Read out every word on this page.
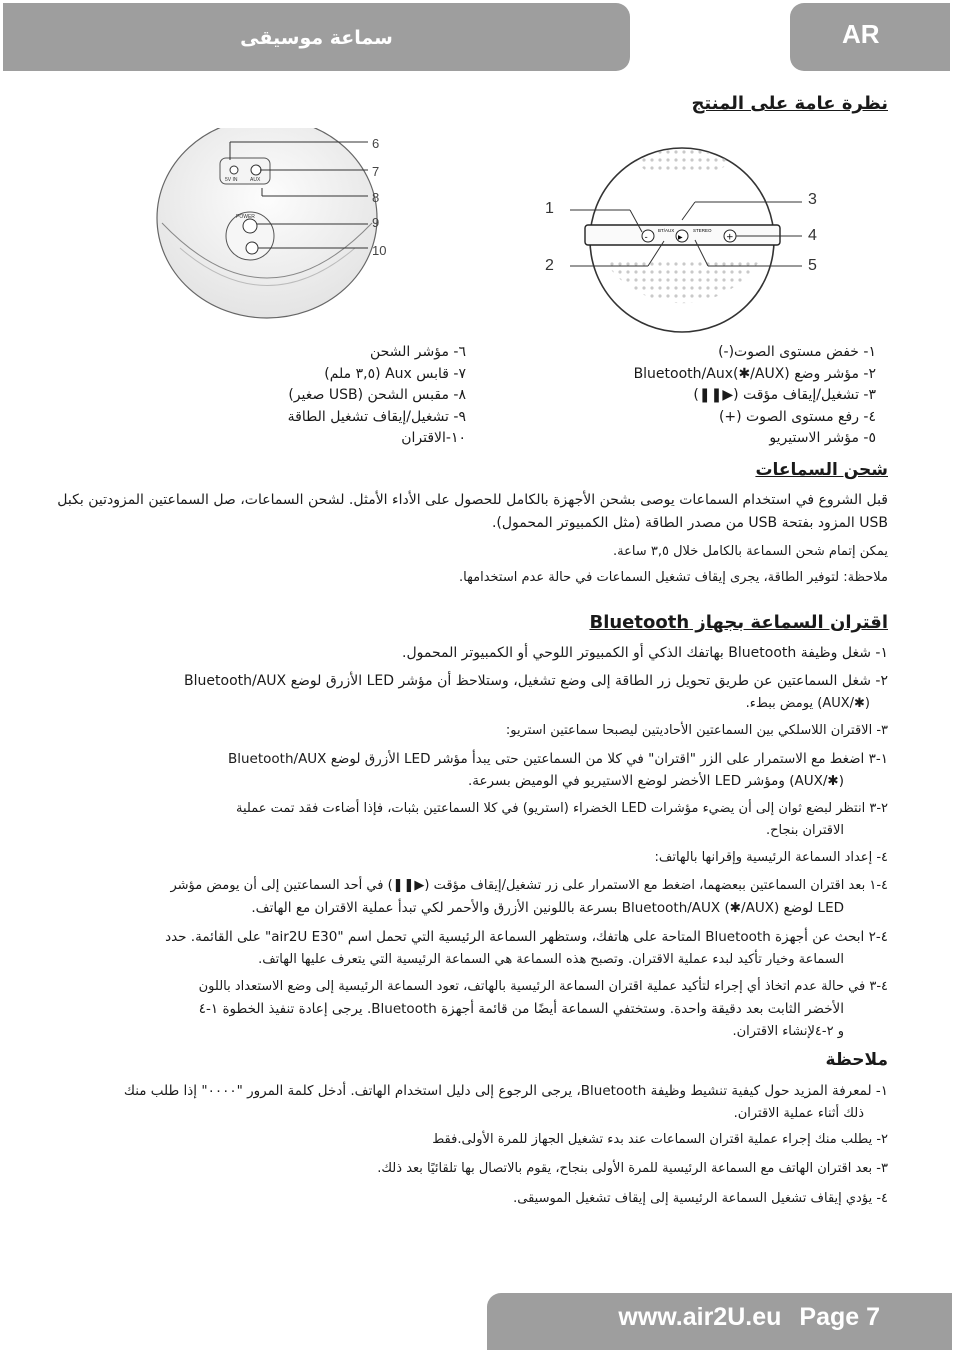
سماعة موسيقى	AR
نظرة عامة على المنتج
5V IN AUX
POWER
6
7
8
9
10
-	▶	+
BT/AUX	STEREO
1
2
3
4
5
٦- مؤشر الشحن
٧- قابس Aux (٣,٥ ملم)
٨- مقبس الشحن (USB صغير)
٩- تشغيل/إيقاف تشغيل الطاقة
١٠-الاقتران
١- خفض مستوى الصوت(-)
٢- مؤشر وضع Bluetooth/Aux(✱/AUX)
٣- تشغيل/إيقاف مؤقت (▶❚❚)
٤- رفع مستوى الصوت (+)
٥- مؤشر الاستيريو
شحن السماعات
قبل الشروع في استخدام السماعات يوصى بشحن الأجهزة بالكامل للحصول على الأداء الأمثل. لشحن السماعات، صل السماعتين المزودتين بكبل
USB المزود بفتحة USB من مصدر الطاقة (مثل الكمبيوتر المحمول).
يمكن إتمام شحن السماعة بالكامل خلال ٣,٥ ساعة.
ملاحظة: لتوفير الطاقة، يجرى إيقاف تشغيل السماعات في حالة عدم استخدامها.
اقتران السماعة بجهاز Bluetooth
١- شغل وظيفة Bluetooth بهاتفك الذكي أو الكمبيوتر اللوحي أو الكمبيوتر المحمول.
٢- شغل السماعتين عن طريق تحويل زر الطاقة إلى وضع تشغيل، وستلاحظ أن مؤشر LED الأزرق لوضع Bluetooth/AUX
(✱/AUX) يومض ببطء.
٣- الاقتران اللاسلكي بين السماعتين الأحاديتين ليصبحا سماعتين استريو:
١-٣ اضغط مع الاستمرار على الزر "اقتران" في كلا من السماعتين حتى يبدأ مؤشر LED الأزرق لوضع Bluetooth/AUX
(✱/AUX) ومؤشر LED الأخضر لوضع الاستيريو في الوميض بسرعة.
٢-٣ انتظر لبضع ثوان إلى أن يضيء مؤشرات LED الخضراء (استريو) في كلا السماعتين بثبات، فإذا أضاءت فقد تمت عملية
الاقتران بنجاح.
٤- إعداد السماعة الرئيسية وإقرانها بالهاتف:
٤-١ بعد اقتران السماعتين ببعضهما، اضغط مع الاستمرار على زر تشغيل/إيقاف مؤقت (▶❚❚) في أحد السماعتين إلى أن يومض مؤشر
LED لوضع Bluetooth/AUX (✱/AUX) بسرعة باللونين الأزرق والأحمر لكي تبدأ عملية الاقتران مع الهاتف.
٤-٢ ابحث عن أجهزة Bluetooth المتاحة على هاتفك، وستظهر السماعة الرئيسية التي تحمل اسم "air2U E30" على القائمة. حدد
السماعة وخيار تأكيد لبدء عملية الاقتران. وتصبح هذه السماعة هي السماعة الرئيسية التي يتعرف عليها الهاتف.
٤-٣ في حالة عدم اتخاذ أي إجراء لتأكيد عملية اقتران السماعة الرئيسية بالهاتف، تعود السماعة الرئيسية إلى وضع الاستعداد باللون
الأخضر الثابت بعد دقيقة واحدة. وستختفي السماعة أيضًا من قائمة أجهزة Bluetooth. يرجى إعادة تنفيذ الخطوة ١-٤
و ٢-٤لإنشاء الاقتران.
ملاحظة
١- لمعرفة المزيد حول كيفية تنشيط وظيفة Bluetooth، يرجى الرجوع إلى دليل استخدام الهاتف. أدخل كلمة المرور "٠٠٠٠" إذا طلب منك
ذلك أثناء عملية الاقتران.
٢- يطلب منك إجراء عملية اقتران السماعات عند بدء تشغيل الجهاز للمرة الأولى.فقط
٣- بعد اقتران الهاتف مع السماعة الرئيسية للمرة الأولى بنجاح، يقوم بالاتصال بها تلقائيًا بعد ذلك.
٤- يؤدي إيقاف تشغيل السماعة الرئيسية إلى إيقاف تشغيل الموسيقى.
www.air2U.eu Page 7
